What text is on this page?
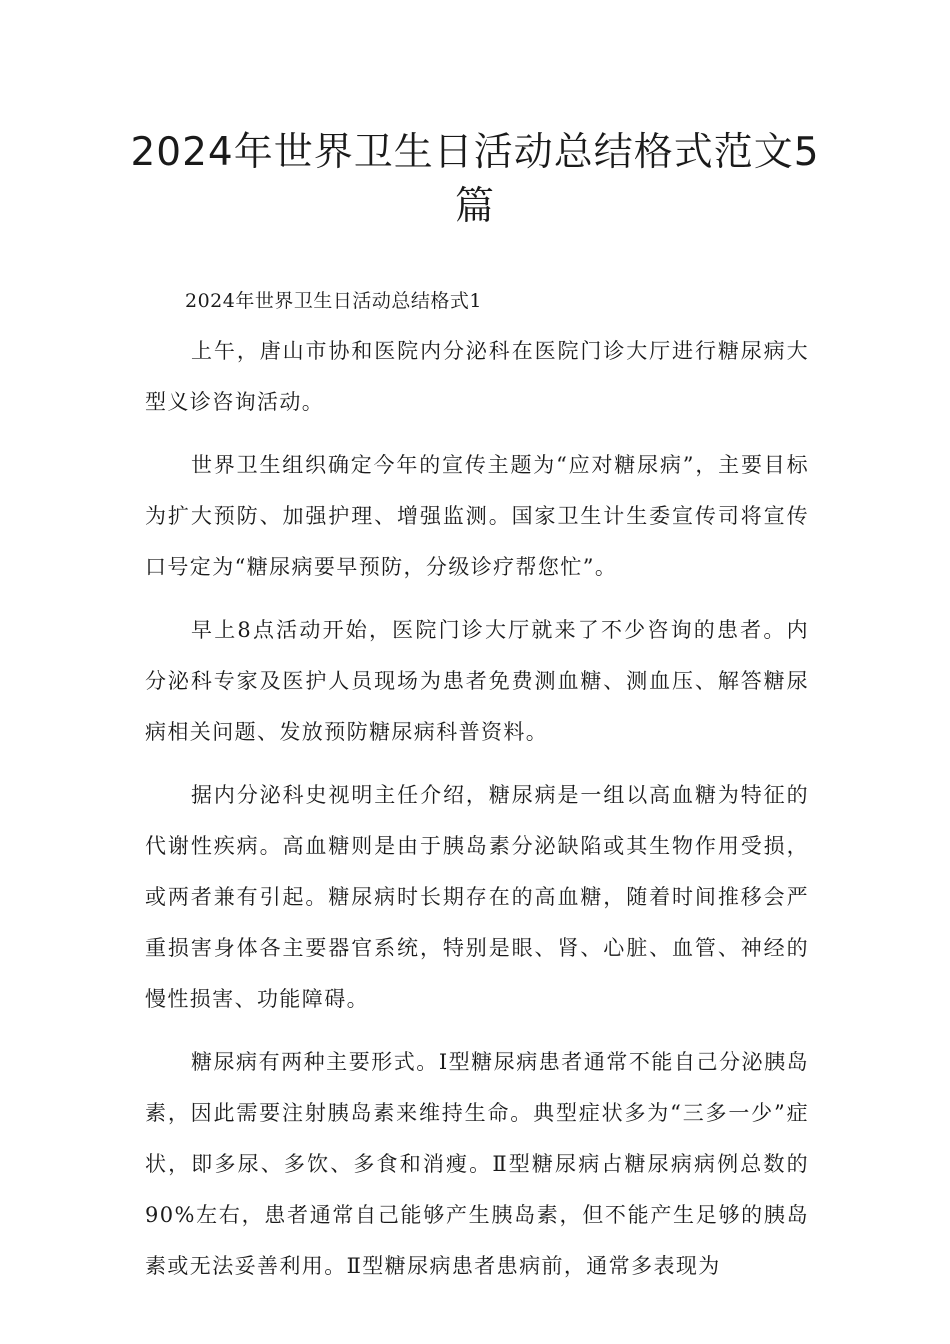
2024年世界卫生日活动总结格式范文5篇

2024年世界卫生日活动总结格式1

上午，唐山市协和医院内分泌科在医院门诊大厅进行糖尿病大型义诊咨询活动。

世界卫生组织确定今年的宣传主题为“应对糖尿病”，主要目标为扩大预防、加强护理、增强监测。国家卫生计生委宣传司将宣传口号定为“糖尿病要早预防，分级诊疗帮您忙”。

早上8点活动开始，医院门诊大厅就来了不少咨询的患者。内分泌科专家及医护人员现场为患者免费测血糖、测血压、解答糖尿病相关问题、发放预防糖尿病科普资料。

据内分泌科史视明主任介绍，糖尿病是一组以高血糖为特征的代谢性疾病。高血糖则是由于胰岛素分泌缺陷或其生物作用受损，或两者兼有引起。糖尿病时长期存在的高血糖，随着时间推移会严重损害身体各主要器官系统，特别是眼、肾、心脏、血管、神经的慢性损害、功能障碍。

糖尿病有两种主要形式。Ⅰ型糖尿病患者通常不能自己分泌胰岛素，因此需要注射胰岛素来维持生命。典型症状多为“三多一少”症状，即多尿、多饮、多食和消瘦。Ⅱ型糖尿病占糖尿病病例总数的90%左右，患者通常自己能够产生胰岛素，但不能产生足够的胰岛素或无法妥善利用。Ⅱ型糖尿病患者患病前，通常多表现为
